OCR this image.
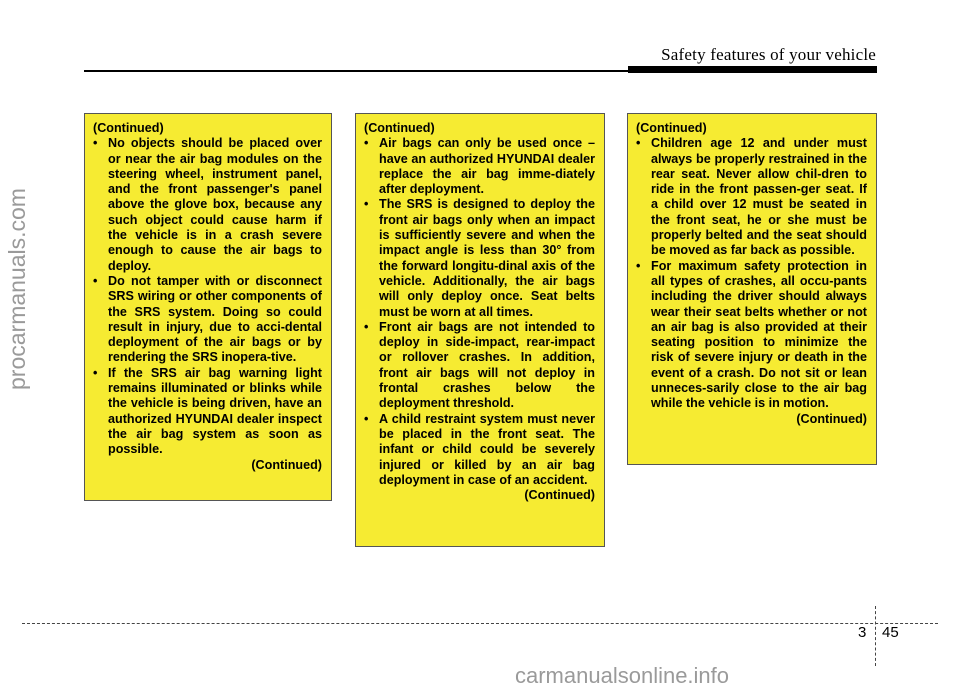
Safety features of your vehicle
procarmanuals.com

(Continued)

• No objects should be placed over or near the air bag modules on the steering wheel, instrument panel, and the front passenger's panel above the glove box, because any such object could cause harm if the vehicle is in a crash severe enough to cause the air bags to deploy.
• Do not tamper with or disconnect SRS wiring or other components of the SRS system. Doing so could result in injury, due to acci-dental deployment of the air bags or by rendering the SRS inopera-tive.
• If the SRS air bag warning light remains illuminated or blinks while the vehicle is being driven, have an authorized HYUNDAI dealer inspect the air bag system as soon as possible.

(Continued)

(Continued)

• Air bags can only be used once – have an authorized HYUNDAI dealer replace the air bag imme-diately after deployment.
• The SRS is designed to deploy the front air bags only when an impact is sufficiently severe and when the impact angle is less than 30° from the forward longitu-dinal axis of the vehicle. Additionally, the air bags will only deploy once. Seat belts must be worn at all times.
• Front air bags are not intended to deploy in side-impact, rear-impact or rollover crashes. In addition, front air bags will not deploy in frontal crashes below the deployment threshold.
• A child restraint system must never be placed in the front seat. The infant or child could be severely injured or killed by an air bag deployment in case of an accident.

(Continued)

(Continued)

• Children age 12 and under must always be properly restrained in the rear seat. Never allow chil-dren to ride in the front passen-ger seat. If a child over 12 must be seated in the front seat, he or she must be properly belted and the seat should be moved as far back as possible.
• For maximum safety protection in all types of crashes, all occu-pants including the driver should always wear their seat belts whether or not an air bag is also provided at their seating position to minimize the risk of severe injury or death in the event of a crash. Do not sit or lean unneces-sarily close to the air bag while the vehicle is in motion.

(Continued)

3 45
carmanualsonline.info
